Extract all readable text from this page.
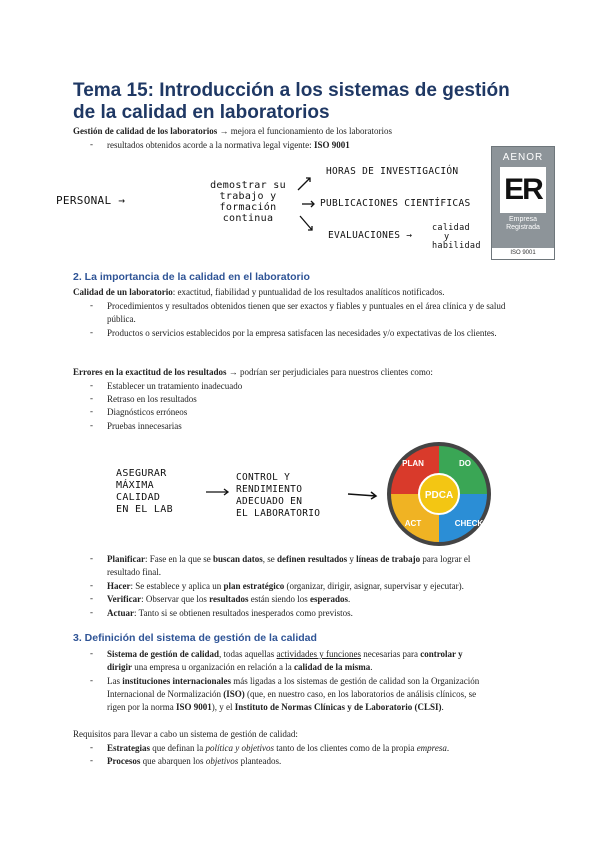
Tema 15: Introducción a los sistemas de gestión de la calidad en laboratorios
Gestión de calidad de los laboratorios → mejora el funcionamiento de los laboratorios
- resultados obtenidos acorde a la normativa legal vigente: ISO 9001
PERSONAL →
demostrar su
trabajo y formación
continua
HORAS DE INVESTIGACIÓN
PUBLICACIONES CIENTÍFICAS
EVALUACIONES →
calidad
y
habilidad
AENOR
ER
Empresa
Registrada
ISO 9001
2. La importancia de la calidad en el laboratorio
Calidad de un laboratorio: exactitud, fiabilidad y puntualidad de los resultados analíticos notificados.
- Procedimientos y resultados obtenidos tienen que ser exactos y fiables y puntuales en el área clínica y de salud pública.
- Productos o servicios establecidos por la empresa satisfacen las necesidades y/o expectativas de los clientes.
Errores en la exactitud de los resultados → podrían ser perjudiciales para nuestros clientes como:
- Establecer un tratamiento inadecuado
- Retraso en los resultados
- Diagnósticos erróneos
- Pruebas innecesarias
ASEGURAR
MÁXIMA
CALIDAD
EN EL LAB
CONTROL Y
RENDIMIENTO
ADECUADO EN
EL LABORATORIO
PDCA
PLAN	DO
CHECK
ACT
- Planificar: Fase en la que se buscan datos, se definen resultados y líneas de trabajo para lograr el
resultado final.
- Hacer: Se establece y aplica un plan estratégico (organizar, dirigir, asignar, supervisar y ejecutar).
- Verificar: Observar que los resultados están siendo los esperados.
- Actuar: Tanto si se obtienen resultados inesperados como previstos.
3. Definición del sistema de gestión de la calidad
- Sistema de gestión de calidad, todas aquellas actividades y funciones necesarias para controlar y
dirigir una empresa u organización en relación a la calidad de la misma.
- Las instituciones internacionales más ligadas a los sistemas de gestión de calidad son la Organización
Internacional de Normalización (ISO) (que, en nuestro caso, en los laboratorios de análisis clínicos, se
rigen por la norma ISO 9001), y el Instituto de Normas Clínicas y de Laboratorio (CLSI).
Requisitos para llevar a cabo un sistema de gestión de calidad:
- Estrategias que definan la política y objetivos tanto de los clientes como de la propia empresa.
- Procesos que abarquen los objetivos planteados.
